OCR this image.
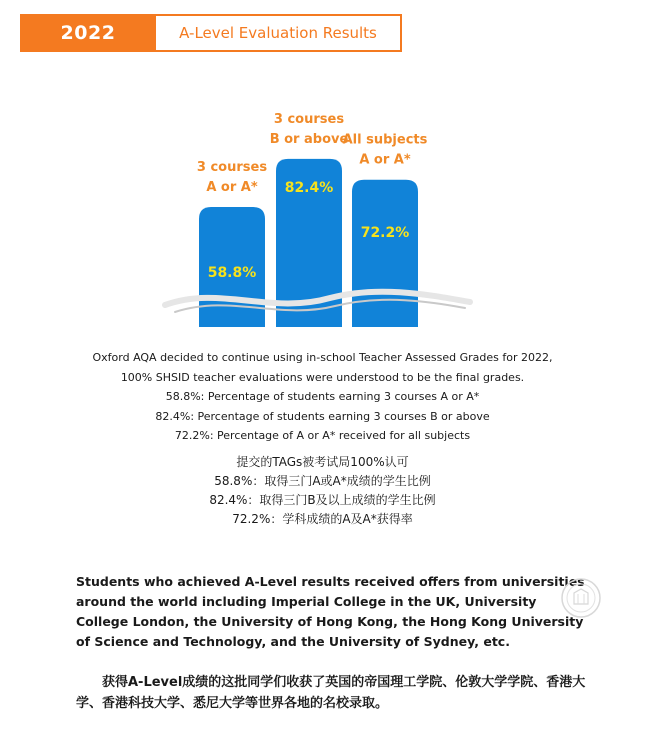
2022	A-Level Evaluation Results
3 courses
A or A*
3 courses
B or above
All subjects
A or A*
58.8%
82.4%
72.2%
Oxford AQA decided to continue using in-school Teacher Assessed Grades for 2022,
100% SHSID teacher evaluations were understood to be the final grades.
58.8%: Percentage of students earning 3 courses A or A*
82.4%: Percentage of students earning 3 courses B or above
72.2%: Percentage of A or A* received for all subjects
提交的TAGs被考试局100%认可
58.8%：取得三门A或A*成绩的学生比例
82.4%：取得三门B及以上成绩的学生比例
72.2%：学科成绩的A及A*获得率
Students who achieved A-Level results received offers from universities around the world including Imperial College in the UK, University College London, the University of Hong Kong, the Hong Kong University of Science and Technology, and the University of Sydney, etc.
获得A-Level成绩的这批同学们收获了英国的帝国理工学院、伦敦大学学院、香港大学、香港科技大学、悉尼大学等世界各地的名校录取。
